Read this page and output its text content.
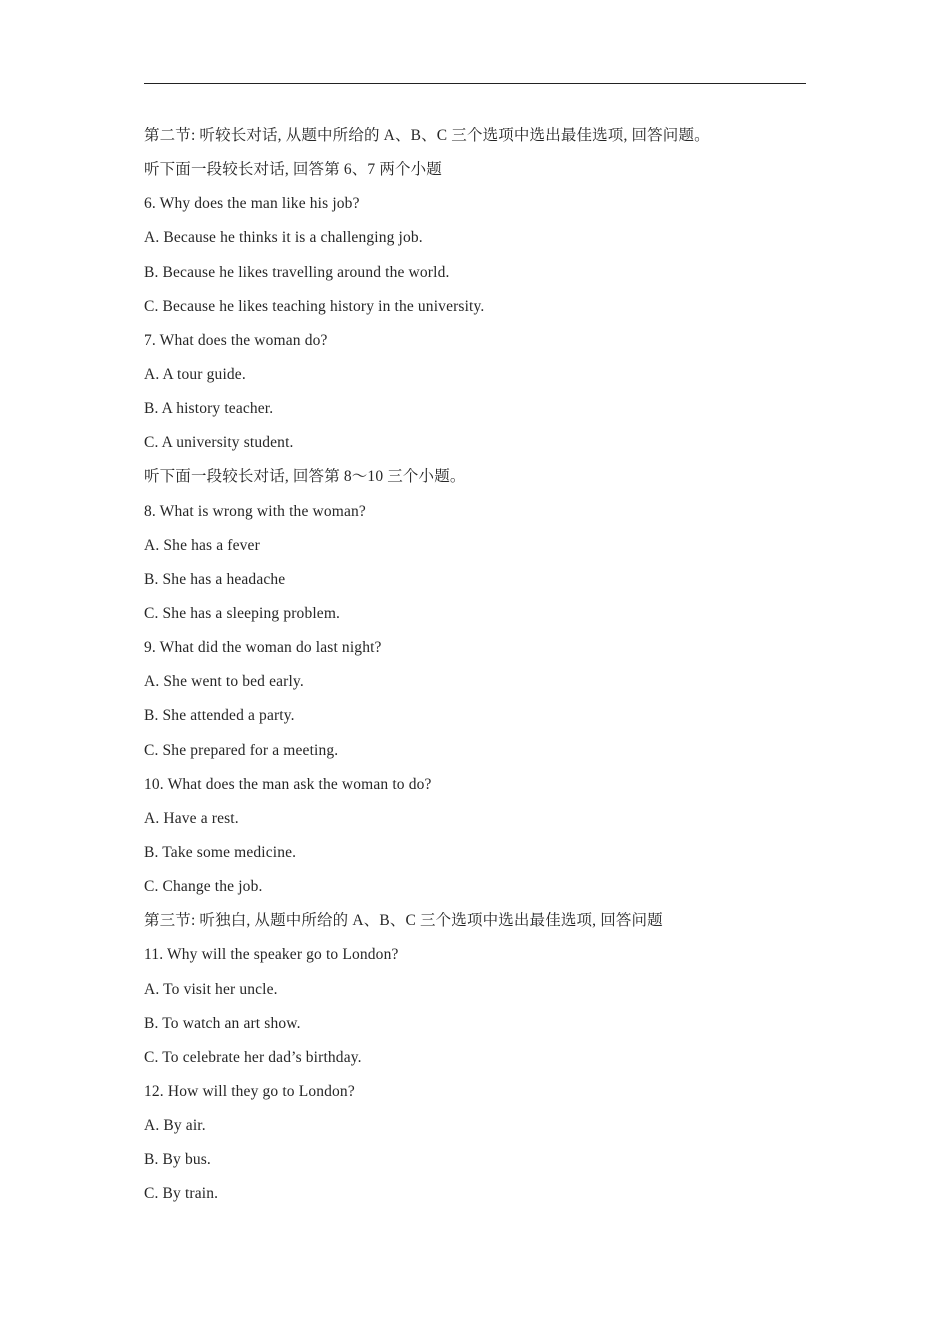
第二节: 听较长对话, 从题中所给的 A、B、C 三个选项中选出最佳选项, 回答问题。
听下面一段较长对话, 回答第 6、7 两个小题
6. Why does the man like his job?
A. Because he thinks it is a challenging job.
B. Because he likes travelling around the world.
C. Because he likes teaching history in the university.
7. What does the woman do?
A. A tour guide.
B. A history teacher.
C. A university student.
听下面一段较长对话, 回答第 8～10 三个小题。
8. What is wrong with the woman?
A. She has a fever
B. She has a headache
C. She has a sleeping problem.
9. What did the woman do last night?
A. She went to bed early.
B. She attended a party.
C. She prepared for a meeting.
10. What does the man ask the woman to do?
A. Have a rest.
B. Take some medicine.
C. Change the job.
第三节: 听独白, 从题中所给的 A、B、C 三个选项中选出最佳选项, 回答问题
11. Why will the speaker go to London?
A. To visit her uncle.
B. To watch an art show.
C. To celebrate her dad’s birthday.
12. How will they go to London?
A. By air.
B. By bus.
C. By train.
